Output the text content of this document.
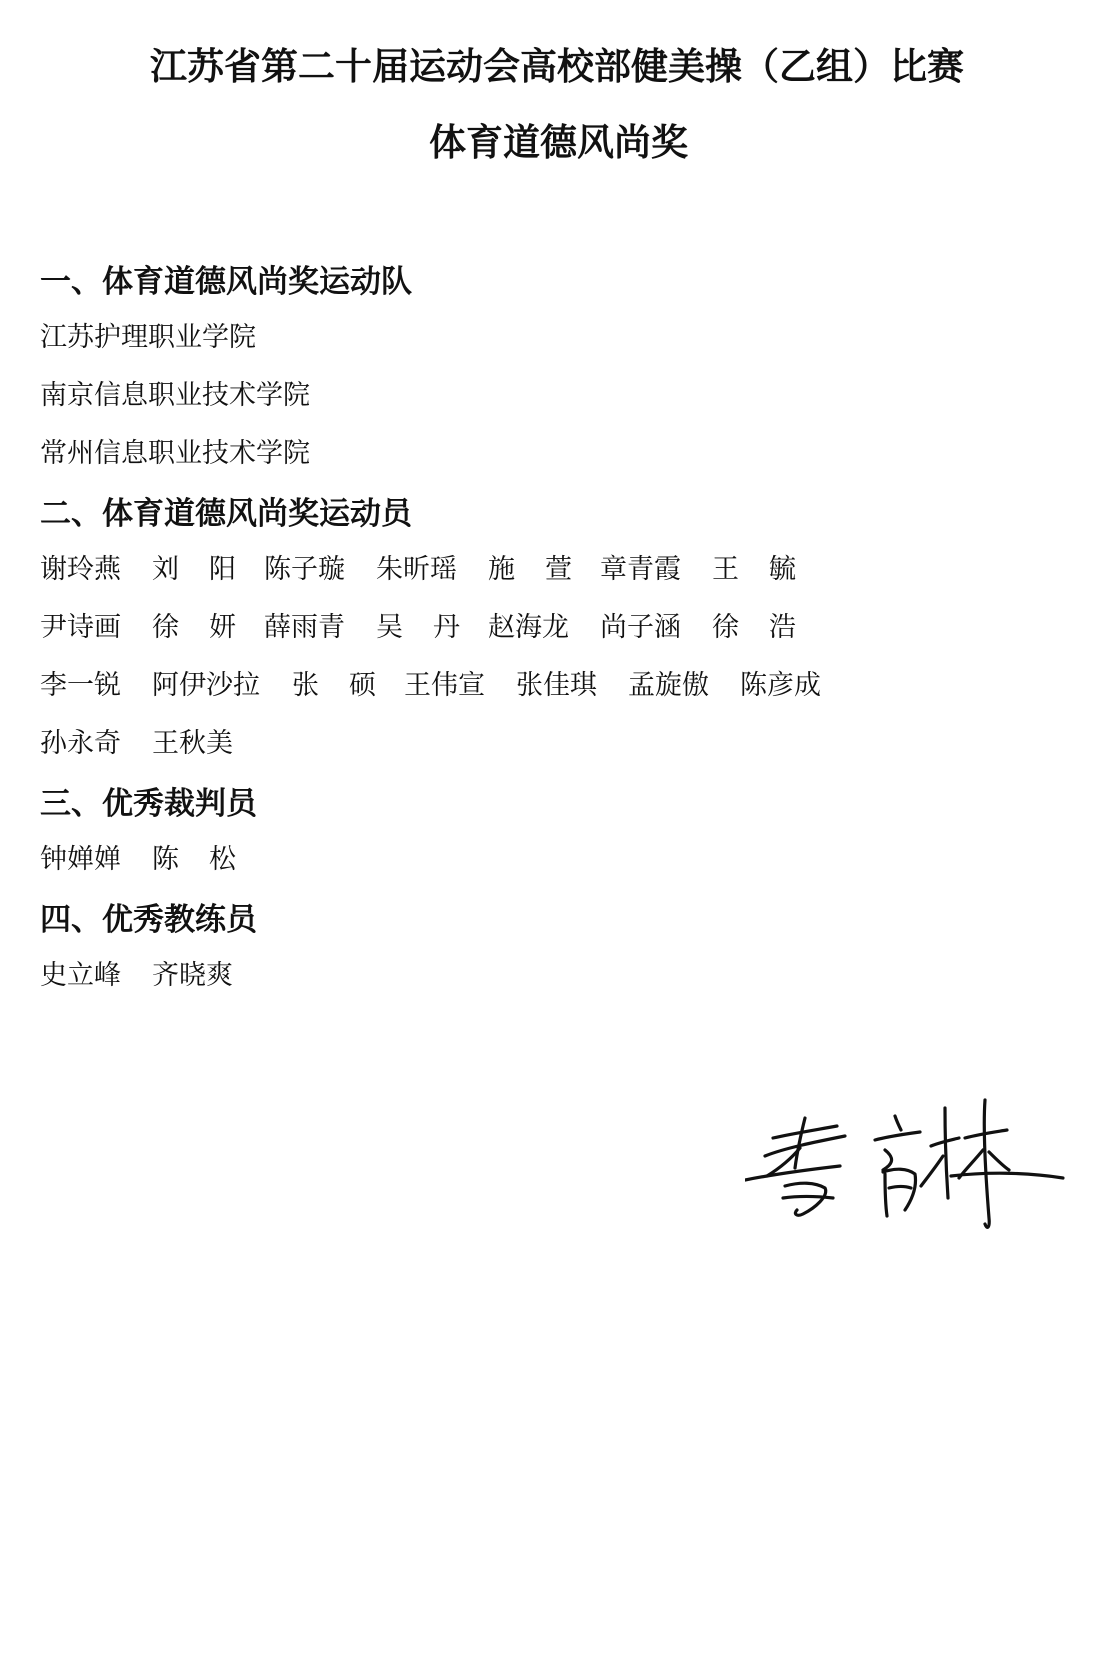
江苏省第二十届运动会高校部健美操（乙组）比赛
体育道德风尚奖
一、体育道德风尚奖运动队
江苏护理职业学院
南京信息职业技术学院
常州信息职业技术学院
二、体育道德风尚奖运动员
谢玲燕	刘阳
陈子璇	朱昕瑶	施萱
章青霞	王毓
尹诗画	徐妍
薛雨青	吴丹
赵海龙	尚子涵	徐浩
李一锐	阿伊沙拉	张硕
王伟宣	张佳琪	孟旋傲	陈彦成
孙永奇	王秋美
三、优秀裁判员
钟婵婵	陈松
四、优秀教练员
史立峰	齐晓爽
